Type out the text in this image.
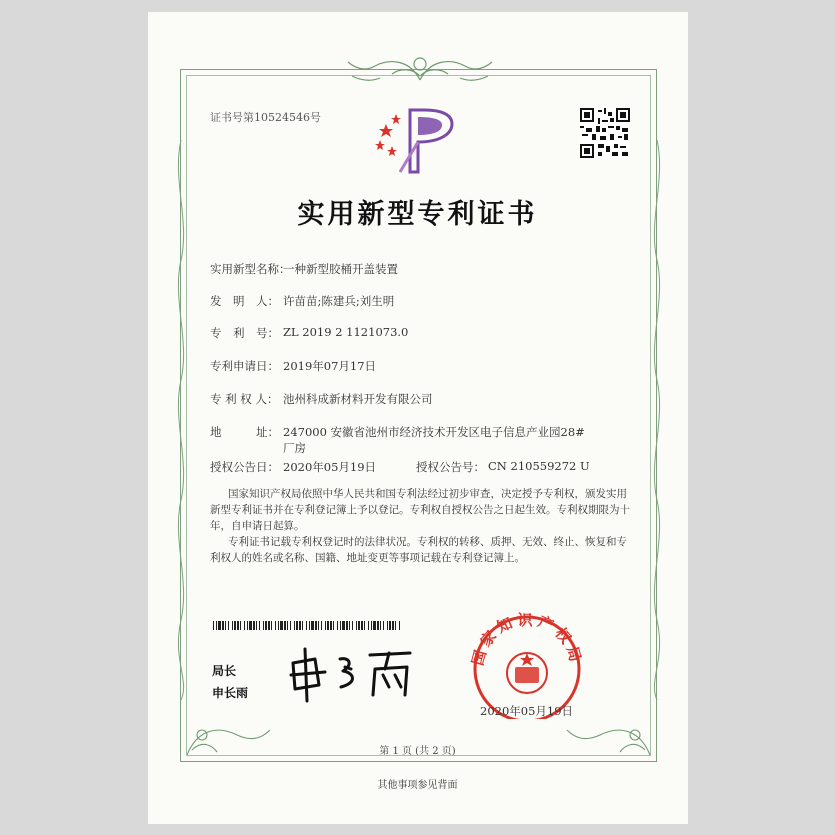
证书号第10524546号
实用新型专利证书
实用新型名称：
一种新型胶桶开盖装置
发　明　人： 许苗苗;陈建兵;刘生明
专　利　号： ZL 2019 2 1121073.0
专利申请日： 2019年07月17日
专 利 权 人： 池州科成新材料开发有限公司
地　　　址： 247000 安徽省池州市经济技术开发区电子信息产业园28#
厂房
授权公告日： 2020年05月19日	授权公告号： CN 210559272 U
国家知识产权局依照中华人民共和国专利法经过初步审查，决定授予专利权，颁发实用
新型专利证书并在专利登记簿上予以登记。专利权自授权公告之日起生效。专利权期限为十
年，自申请日起算。
专利证书记载专利权登记时的法律状况。专利权的转移、质押、无效、终止、恢复和专
利权人的姓名或名称、国籍、地址变更等事项记载在专利登记簿上。
局长
申长雨
国家知识产权局
2020年05月19日
第 1 页 (共 2 页)
其他事项参见背面
